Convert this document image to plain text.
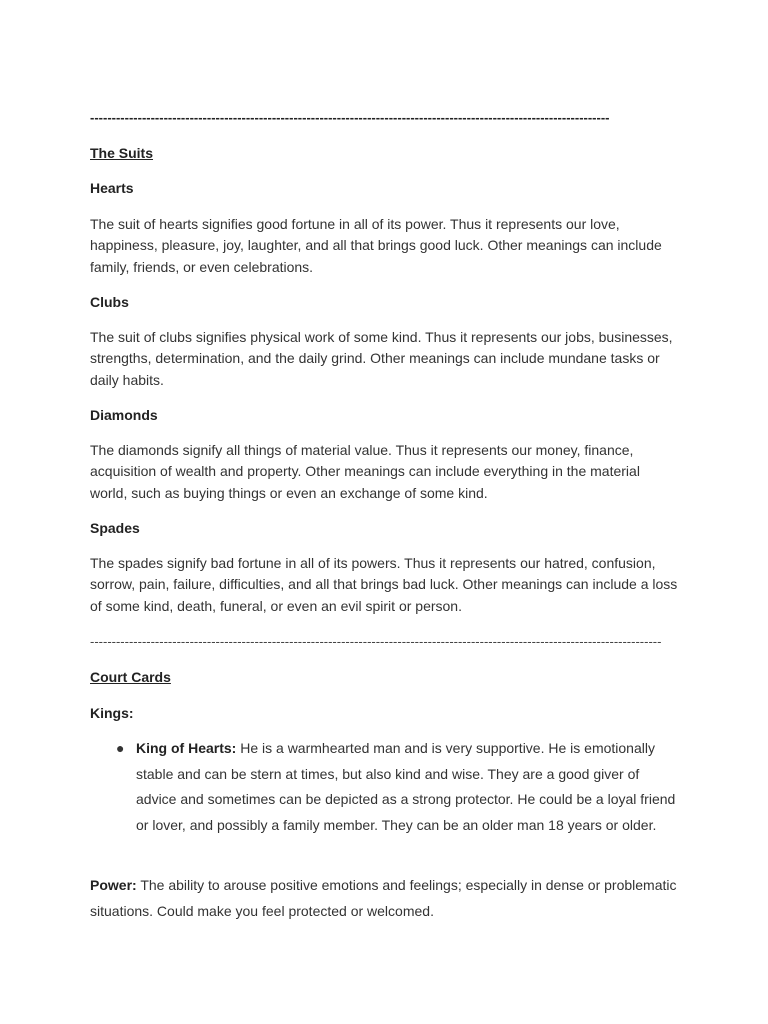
------------------------------------------------------------------------------------------------------------------------
The Suits
Hearts
The suit of hearts signifies good fortune in all of its power. Thus it represents our love, happiness, pleasure, joy, laughter, and all that brings good luck. Other meanings can include family, friends, or even celebrations.
Clubs
The suit of clubs signifies physical work of some kind. Thus it represents our jobs, businesses, strengths, determination, and the daily grind. Other meanings can include mundane tasks or daily habits.
Diamonds
The diamonds signify all things of material value. Thus it represents our money, finance, acquisition of wealth and property. Other meanings can include everything in the material world, such as buying things or even an exchange of some kind.
Spades
The spades signify bad fortune in all of its powers. Thus it represents our hatred, confusion, sorrow, pain, failure, difficulties, and all that brings bad luck. Other meanings can include a loss of some kind, death, funeral, or even an evil spirit or person.
------------------------------------------------------------------------------------------------------------------------------------
Court Cards
Kings:
● King of Hearts: He is a warmhearted man and is very supportive. He is emotionally stable and can be stern at times, but also kind and wise. They are a good giver of advice and sometimes can be depicted as a strong protector. He could be a loyal friend or lover, and possibly a family member. They can be an older man 18 years or older.
Power: The ability to arouse positive emotions and feelings; especially in dense or problematic situations. Could make you feel protected or welcomed.
